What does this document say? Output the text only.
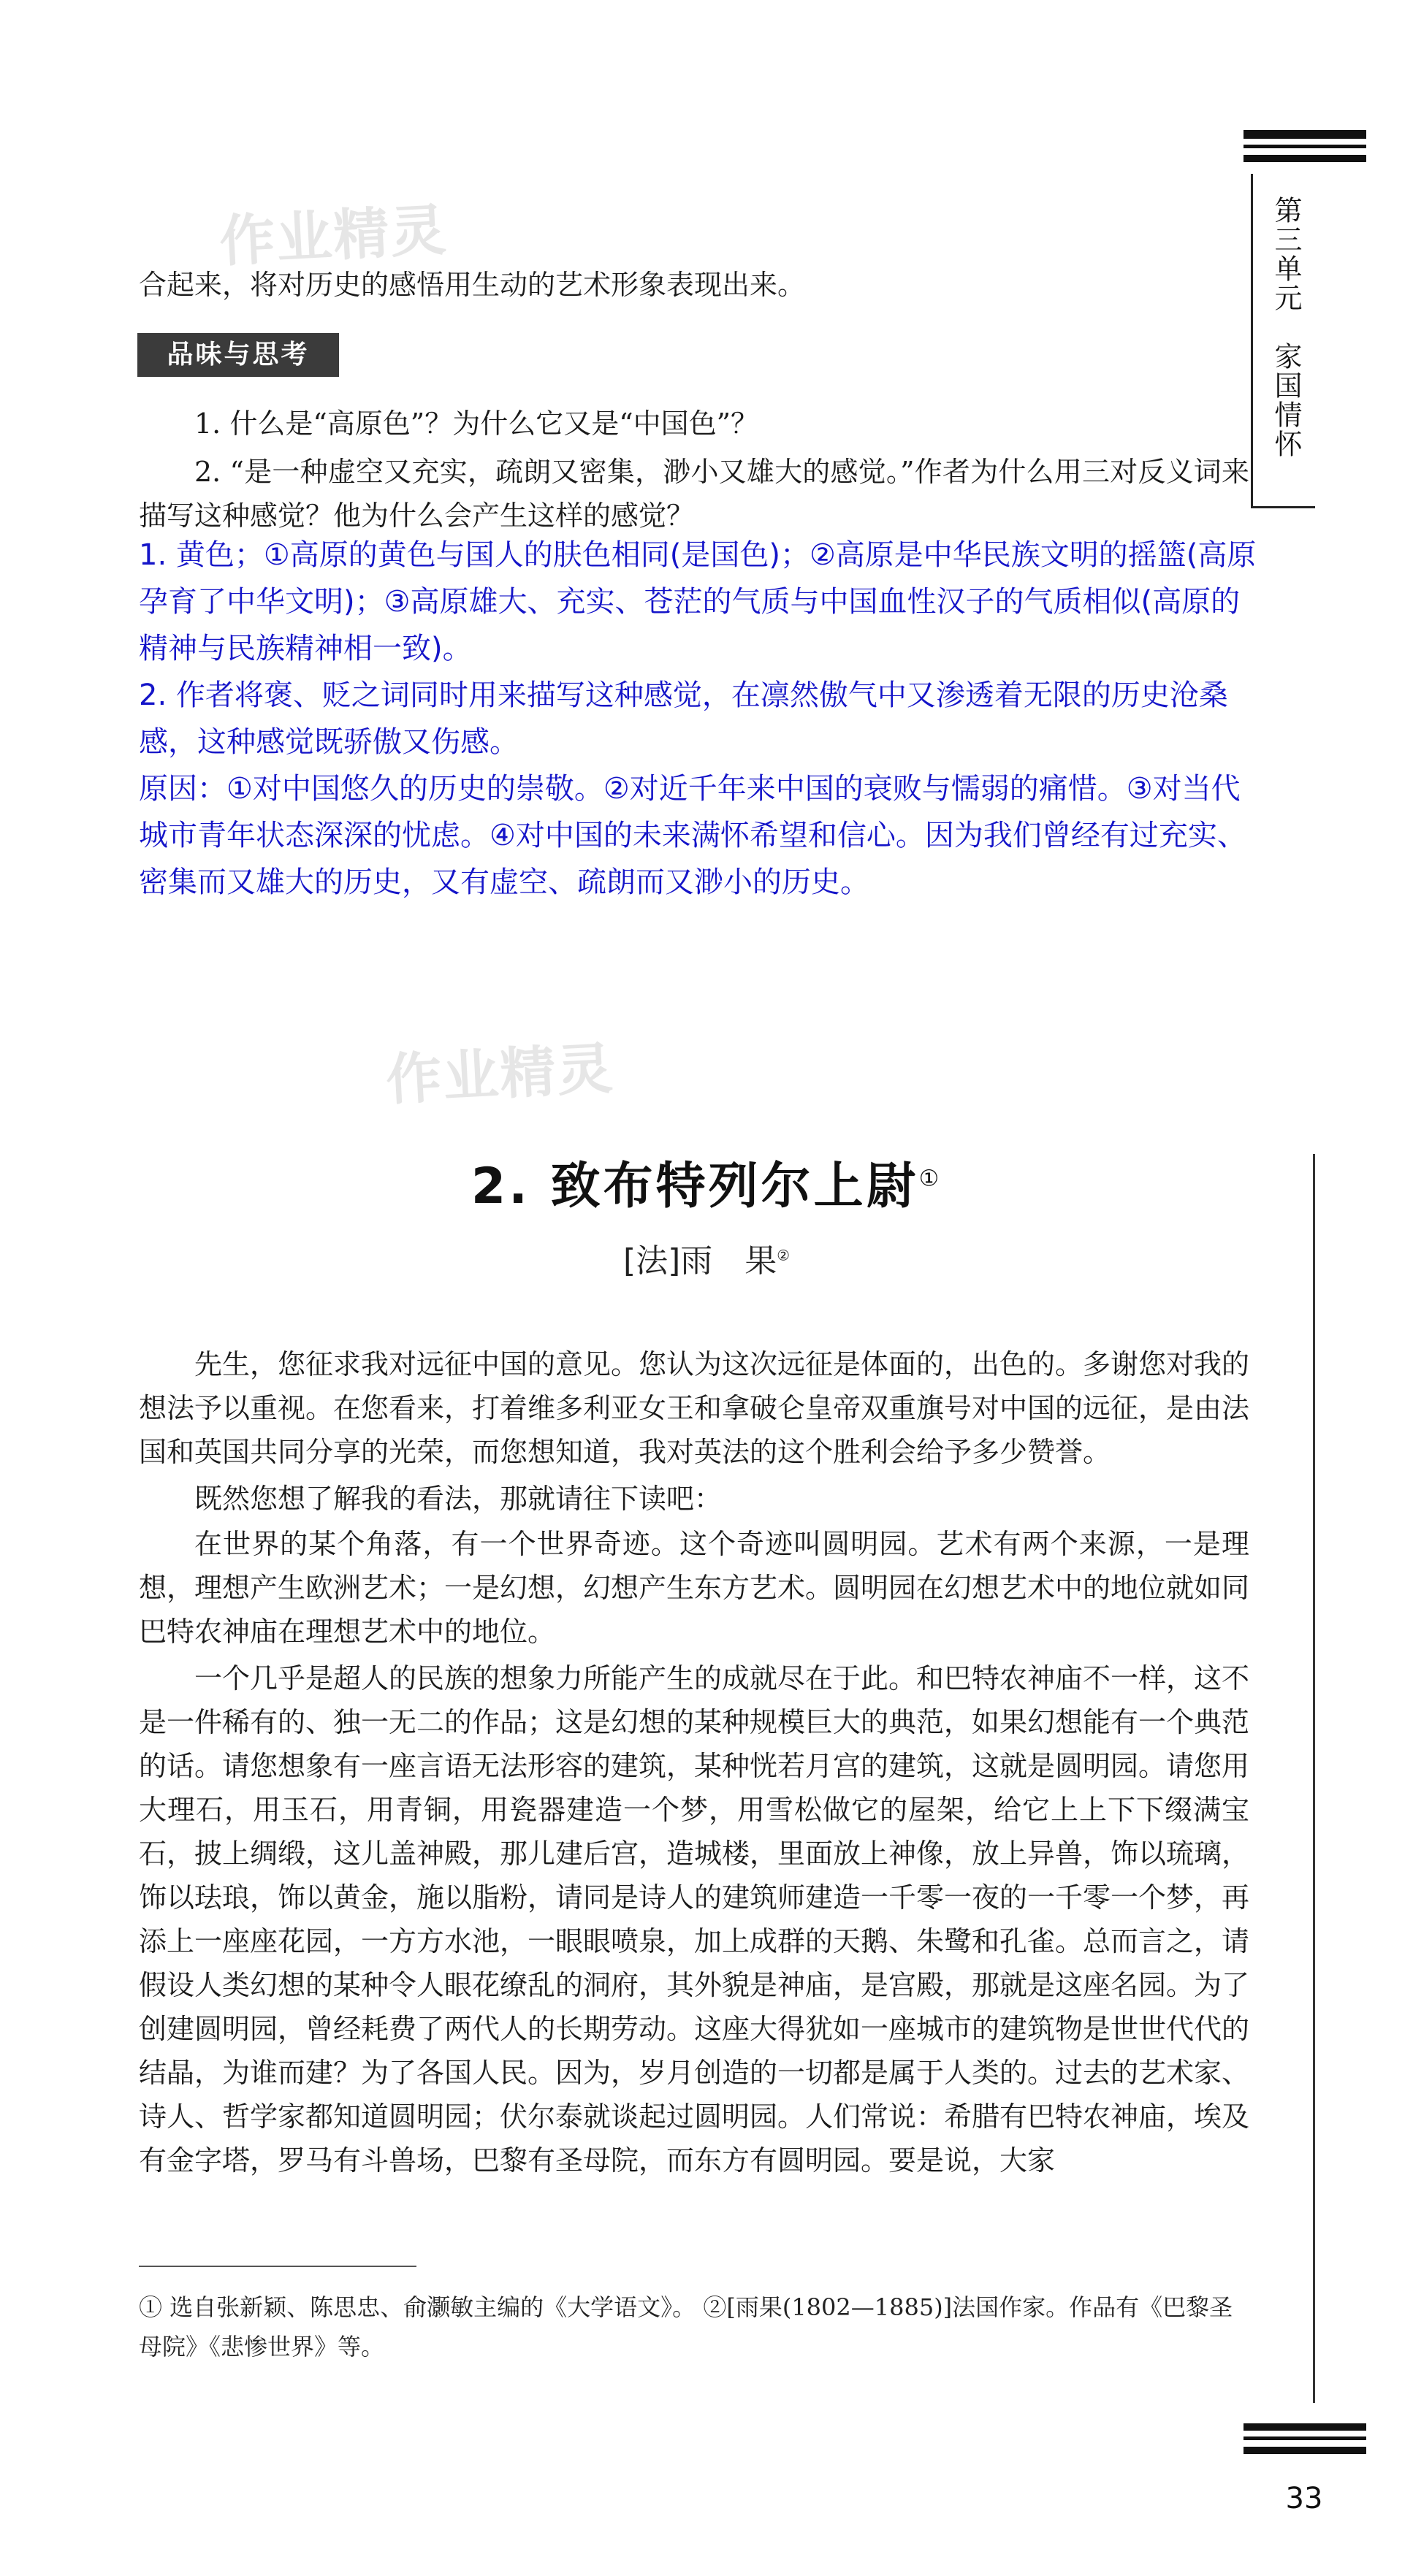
第三单元　家国情怀
作业精灵
作业精灵
合起来，将对历史的感悟用生动的艺术形象表现出来。
品味与思考
1. 什么是“高原色”？为什么它又是“中国色”？
2. “是一种虚空又充实，疏朗又密集，渺小又雄大的感觉。”作者为什么用三对反义词来描写这种感觉？他为什么会产生这样的感觉？
1. 黄色；①高原的黄色与国人的肤色相同(是国色)；②高原是中华民族文明的摇篮(高原孕育了中华文明)；③高原雄大、充实、苍茫的气质与中国血性汉子的气质相似(高原的精神与民族精神相一致)。
2. 作者将褒、贬之词同时用来描写这种感觉，在凛然傲气中又渗透着无限的历史沧桑感，这种感觉既骄傲又伤感。
原因：①对中国悠久的历史的崇敬。②对近千年来中国的衰败与懦弱的痛惜。③对当代城市青年状态深深的忧虑。④对中国的未来满怀希望和信心。因为我们曾经有过充实、密集而又雄大的历史，又有虚空、疏朗而又渺小的历史。
2. 致布特列尔上尉①
[法]雨　果②
先生，您征求我对远征中国的意见。您认为这次远征是体面的，出色的。多谢您对我的想法予以重视。在您看来，打着维多利亚女王和拿破仑皇帝双重旗号对中国的远征，是由法国和英国共同分享的光荣，而您想知道，我对英法的这个胜利会给予多少赞誉。
既然您想了解我的看法，那就请往下读吧：
在世界的某个角落，有一个世界奇迹。这个奇迹叫圆明园。艺术有两个来源，一是理想，理想产生欧洲艺术；一是幻想，幻想产生东方艺术。圆明园在幻想艺术中的地位就如同巴特农神庙在理想艺术中的地位。
一个几乎是超人的民族的想象力所能产生的成就尽在于此。和巴特农神庙不一样，这不是一件稀有的、独一无二的作品；这是幻想的某种规模巨大的典范，如果幻想能有一个典范的话。请您想象有一座言语无法形容的建筑，某种恍若月宫的建筑，这就是圆明园。请您用大理石，用玉石，用青铜，用瓷器建造一个梦，用雪松做它的屋架，给它上上下下缀满宝石，披上绸缎，这儿盖神殿，那儿建后宫，造城楼，里面放上神像，放上异兽，饰以琉璃，饰以珐琅，饰以黄金，施以脂粉，请同是诗人的建筑师建造一千零一夜的一千零一个梦，再添上一座座花园，一方方水池，一眼眼喷泉，加上成群的天鹅、朱鹭和孔雀。总而言之，请假设人类幻想的某种令人眼花缭乱的洞府，其外貌是神庙，是宫殿，那就是这座名园。为了创建圆明园，曾经耗费了两代人的长期劳动。这座大得犹如一座城市的建筑物是世世代代的结晶，为谁而建？为了各国人民。因为，岁月创造的一切都是属于人类的。过去的艺术家、诗人、哲学家都知道圆明园；伏尔泰就谈起过圆明园。人们常说：希腊有巴特农神庙，埃及有金字塔，罗马有斗兽场，巴黎有圣母院，而东方有圆明园。要是说，大家
① 选自张新颖、陈思忠、俞灏敏主编的《大学语文》。 ②[雨果(1802—1885)]法国作家。作品有《巴黎圣母院》《悲惨世界》等。
33
